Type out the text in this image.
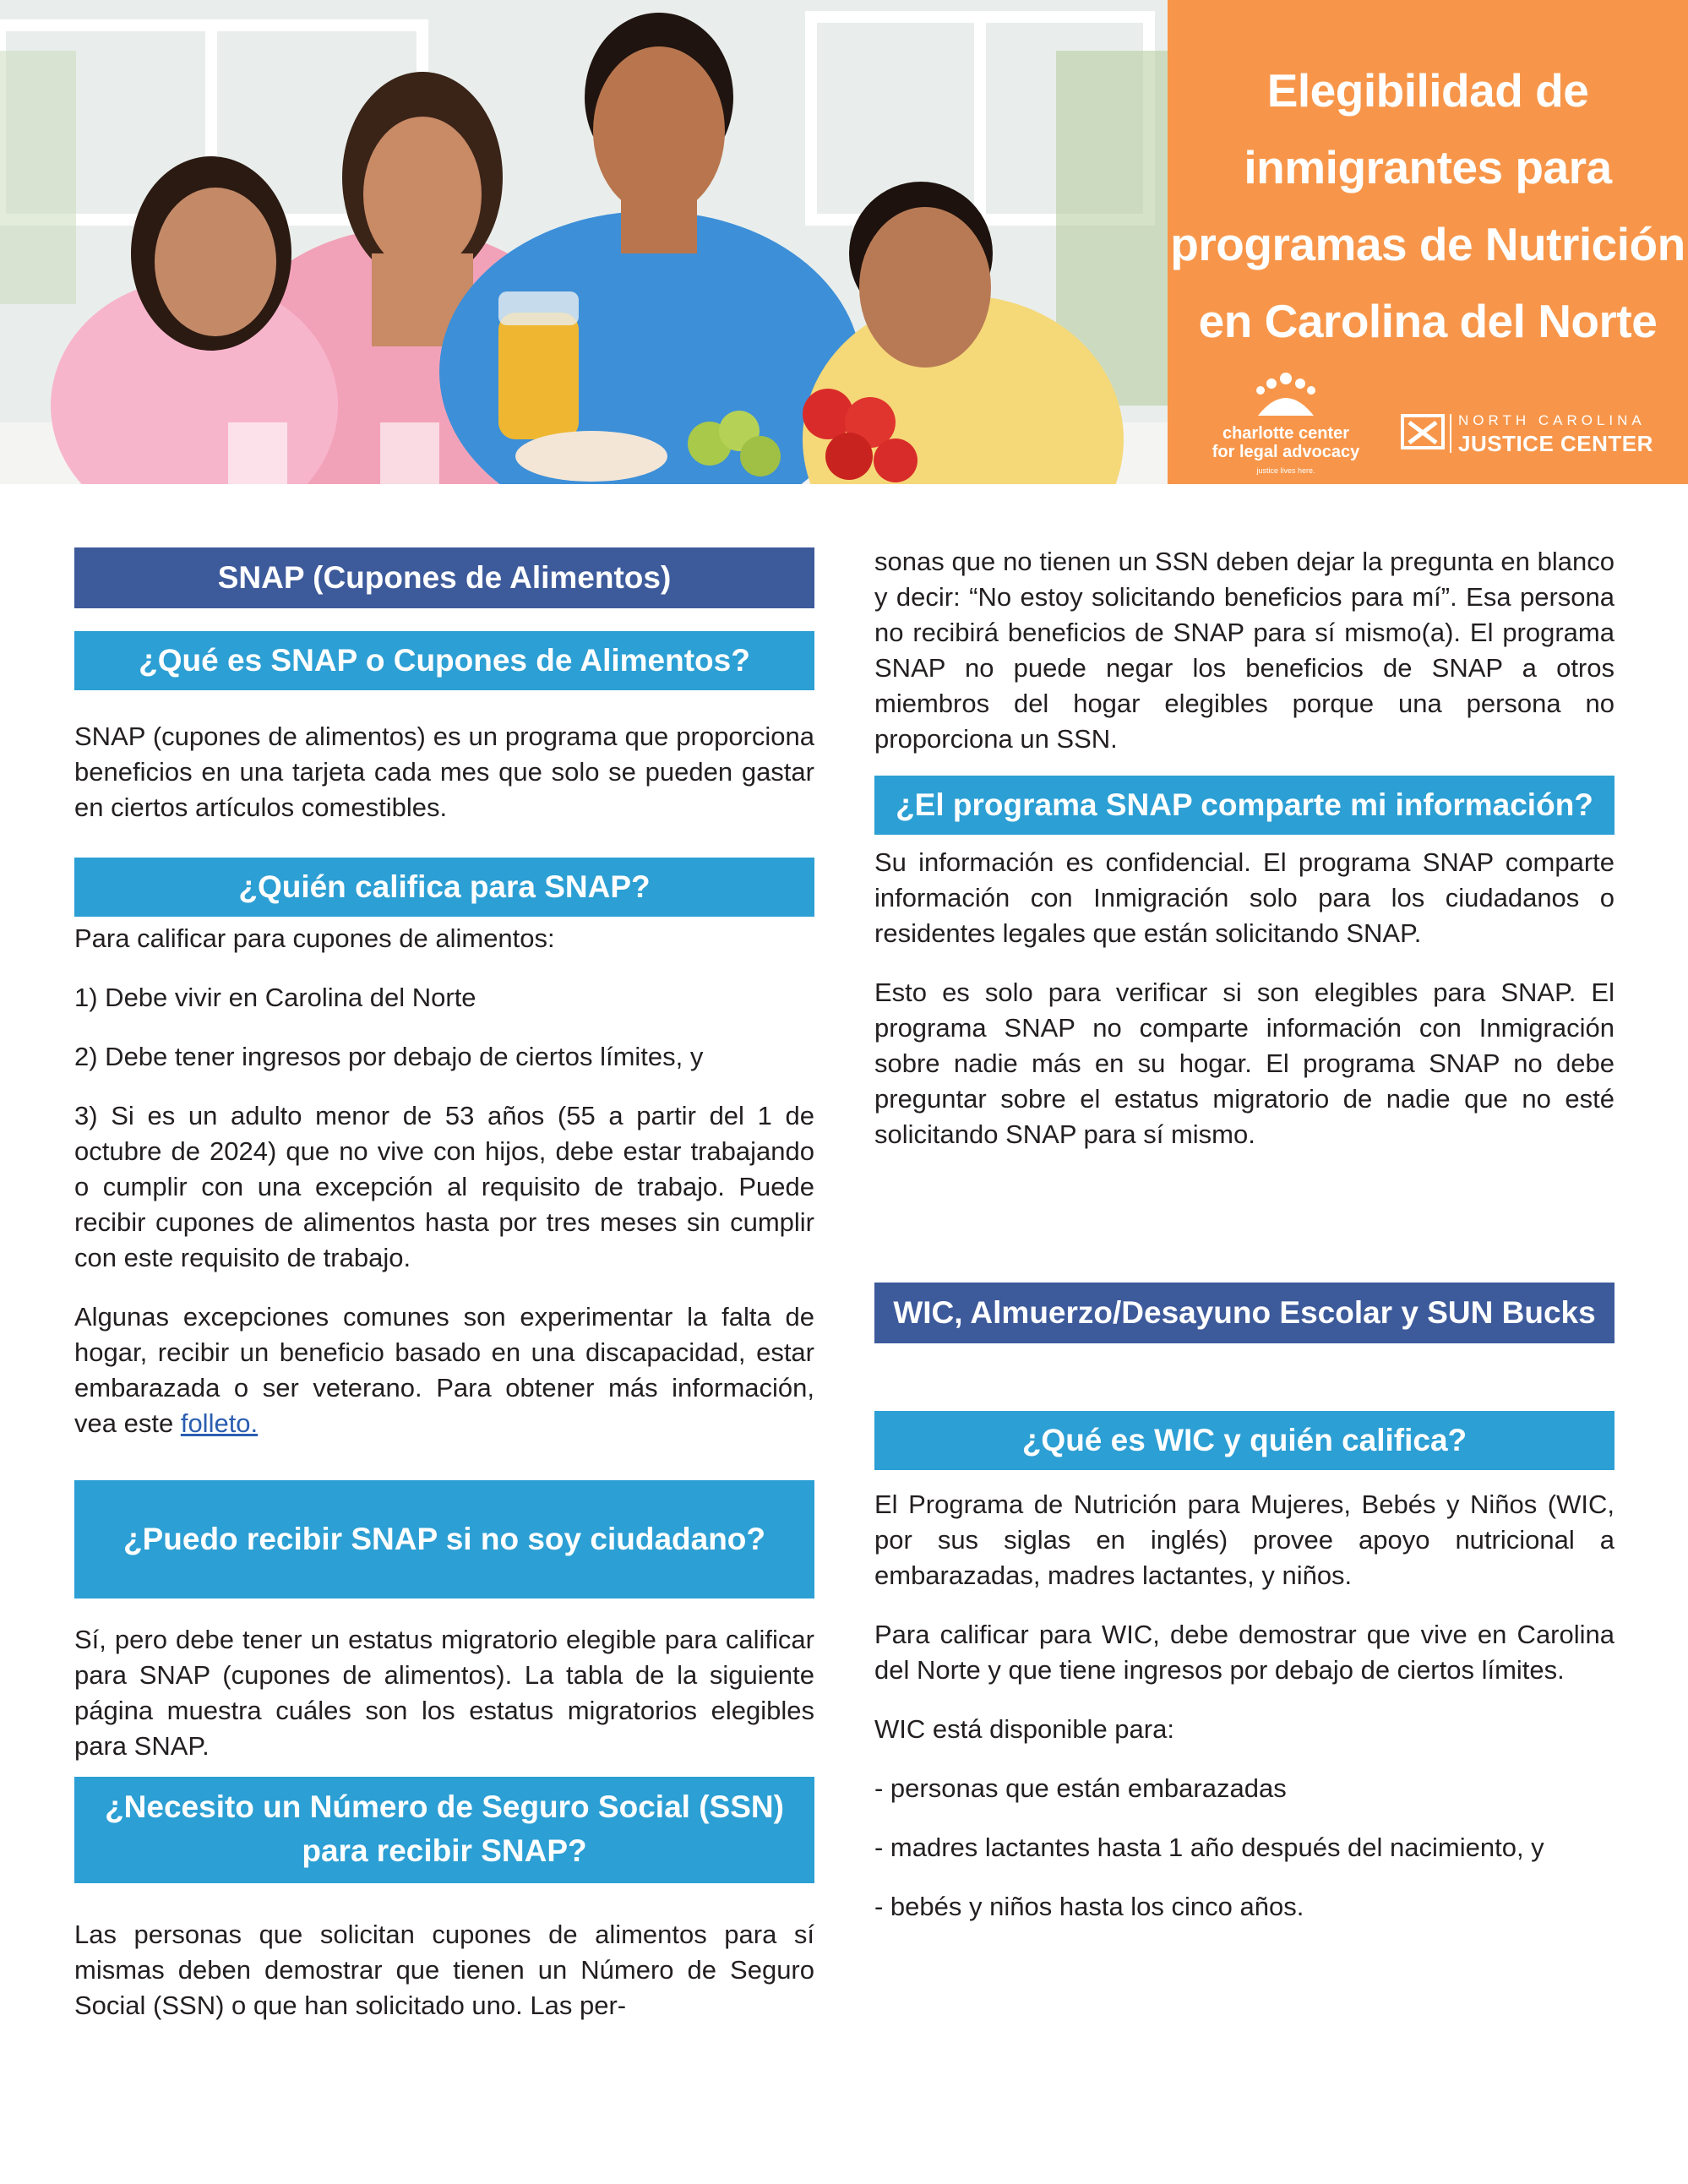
Elegibilidad de
inmigrantes para
programas de Nutrición
en Carolina del Norte
charlotte center
for legal advocacy
justice lives here.
NORTH CAROLINA
JUSTICE CENTER
SNAP (Cupones de Alimentos)
¿Qué es SNAP o Cupones de Alimentos?

SNAP (cupones de alimentos) es un programa que proporciona beneficios en una tarjeta cada mes que solo se pueden gastar en ciertos artículos comestibles.

¿Quién califica para SNAP?

Para calificar para cupones de alimentos:

1) Debe vivir en Carolina del Norte

2) Debe tener ingresos por debajo de ciertos límites, y

3) Si es un adulto menor de 53 años (55 a partir del 1 de octubre de 2024) que no vive con hijos, debe estar trabajando o cumplir con una excepción al requisito de trabajo. Puede recibir cupones de alimentos hasta por tres meses sin cumplir con este requisito de trabajo.

Algunas excepciones comunes son experimentar la falta de hogar, recibir un beneficio basado en una discapacidad, estar embarazada o ser veterano. Para obtener más información, vea este folleto.

¿Puedo recibir SNAP si no soy ciudadano?

Sí, pero debe tener un estatus migratorio elegible para calificar para SNAP (cupones de alimentos). La tabla de la siguiente página muestra cuáles son los estatus migratorios elegibles para SNAP.

¿Necesito un Número de Seguro Social (SSN)
para recibir SNAP?

Las personas que solicitan cupones de alimentos para sí mismas deben demostrar que tienen un Número de Seguro Social (SSN) o que han solicitado uno. Las per-

sonas que no tienen un SSN deben dejar la pregunta en blanco y decir: “No estoy solicitando beneficios para mí”. Esa persona no recibirá beneficios de SNAP para sí mismo(a). El programa SNAP no puede negar los beneficios de SNAP a otros miembros del hogar elegibles porque una persona no proporciona un SSN.

¿El programa SNAP comparte mi información?

Su información es confidencial. El programa SNAP comparte información con Inmigración solo para los ciudadanos o residentes legales que están solicitando SNAP.

Esto es solo para verificar si son elegibles para SNAP. El programa SNAP no comparte información con Inmigración sobre nadie más en su hogar. El programa SNAP no debe preguntar sobre el estatus migratorio de nadie que no esté solicitando SNAP para sí mismo.

WIC, Almuerzo/Desayuno Escolar y SUN Bucks
¿Qué es WIC y quién califica?

El Programa de Nutrición para Mujeres, Bebés y Niños (WIC, por sus siglas en inglés) provee apoyo nutricional a embarazadas, madres lactantes, y niños.

Para calificar para WIC, debe demostrar que vive en Carolina del Norte y que tiene ingresos por debajo de ciertos límites.

WIC está disponible para:

- personas que están embarazadas

- madres lactantes hasta 1 año después del nacimiento, y

- bebés y niños hasta los cinco años.
